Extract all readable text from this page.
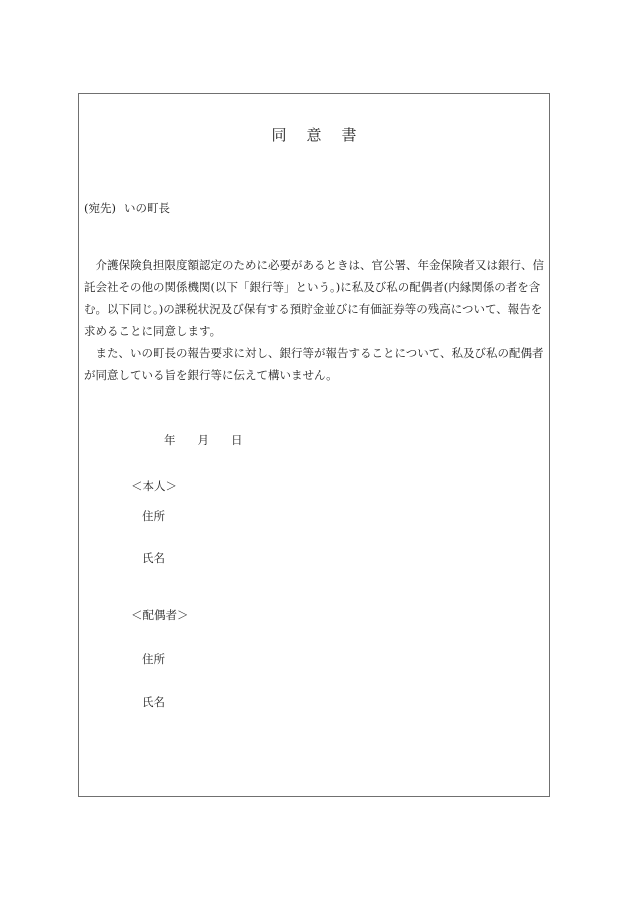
同 意 書
(宛先) いの町長

介護保険負担限度額認定のために必要があるときは、官公署、年金保険者又は銀行、信託会社その他の関係機関(以下「銀行等」という。)に私及び私の配偶者(内縁関係の者を含む。以下同じ。)の課税状況及び保有する預貯金並びに有価証券等の残高について、報告を求めることに同意します。

また、いの町長の報告要求に対し、銀行等が報告することについて、私及び私の配偶者が同意している旨を銀行等に伝えて構いません。

年 月 日
＜本人＞
住所
氏名
＜配偶者＞
住所
氏名
